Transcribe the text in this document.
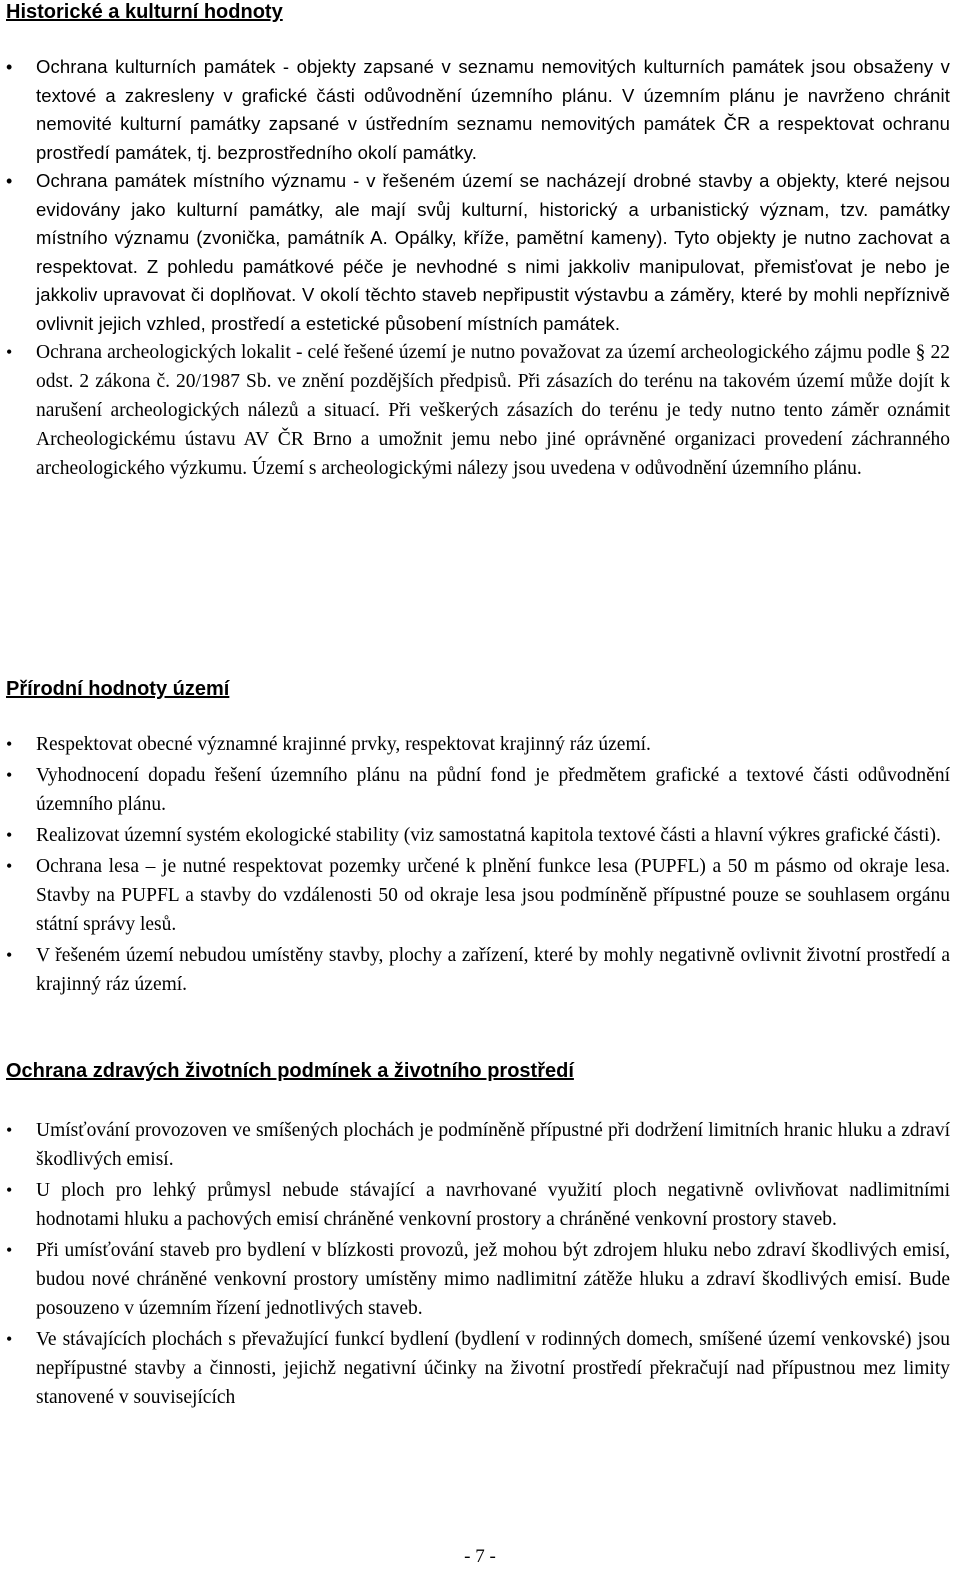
Historické a kulturní hodnoty
•	Ochrana kulturních památek - objekty zapsané v seznamu nemovitých kulturních památek jsou obsaženy v textové a zakresleny v grafické části odůvodnění územního plánu. V územním plánu je navrženo chránit nemovité kulturní památky zapsané v ústředním seznamu nemovitých památek ČR a respektovat ochranu prostředí památek, tj. bezprostředního okolí památky.
•	Ochrana památek místního významu - v řešeném území se nacházejí drobné stavby a objekty, které nejsou evidovány jako kulturní památky, ale mají svůj kulturní, historický a urbanistický význam, tzv. památky místního významu (zvonička, památník A. Opálky, kříže, pamětní kameny). Tyto objekty je nutno zachovat a respektovat. Z pohledu památkové péče je nevhodné s nimi jakkoliv manipulovat, přemisťovat je nebo je jakkoliv upravovat či doplňovat. V okolí těchto staveb nepřipustit výstavbu a záměry, které by mohli nepříznivě ovlivnit jejich vzhled, prostředí a estetické působení místních památek.
•	Ochrana archeologických lokalit - celé řešené území je nutno považovat za území archeologického zájmu podle § 22 odst. 2 zákona č. 20/1987 Sb. ve znění pozdějších předpisů. Při zásazích do terénu na takovém území může dojít k narušení archeologických nálezů a situací. Při veškerých zásazích do terénu je tedy nutno tento záměr oznámit Archeologickému ústavu AV ČR Brno a umožnit jemu nebo jiné oprávněné organizaci provedení záchranného archeologického výzkumu. Území s archeologickými nálezy jsou uvedena v odůvodnění územního plánu.
Přírodní hodnoty území
•	Respektovat obecné významné krajinné prvky, respektovat krajinný ráz území.
•	Vyhodnocení dopadu řešení územního plánu na půdní fond je předmětem grafické a textové části odůvodnění územního plánu.
•	Realizovat územní systém ekologické stability (viz samostatná kapitola textové části a hlavní výkres grafické části).
•	Ochrana lesa – je nutné respektovat pozemky určené k plnění funkce lesa (PUPFL) a 50 m pásmo od okraje lesa. Stavby na PUPFL a stavby do vzdálenosti 50 od okraje lesa jsou podmíněně přípustné pouze se souhlasem orgánu státní správy lesů.
•	V řešeném území nebudou umístěny stavby, plochy a zařízení, které by mohly negativně ovlivnit životní prostředí a krajinný ráz území.
Ochrana zdravých životních podmínek a životního prostředí
•	Umísťování provozoven ve smíšených plochách je podmíněně přípustné při dodržení limitních hranic hluku a zdraví škodlivých emisí.
•	U ploch pro lehký průmysl nebude stávající a navrhované využití ploch negativně ovlivňovat nadlimitními hodnotami hluku a pachových emisí chráněné venkovní prostory a chráněné venkovní prostory staveb.
•	Při umísťování staveb pro bydlení v blízkosti provozů, jež mohou být zdrojem hluku nebo zdraví škodlivých emisí, budou nové chráněné venkovní prostory umístěny mimo nadlimitní zátěže hluku a zdraví škodlivých emisí. Bude posouzeno v územním řízení jednotlivých staveb.
•	Ve stávajících plochách s převažující funkcí bydlení (bydlení v rodinných domech, smíšené území venkovské) jsou nepřípustné stavby a činnosti, jejichž negativní účinky na životní prostředí překračují nad přípustnou mez limity stanovené v souvisejících
- 7 -
